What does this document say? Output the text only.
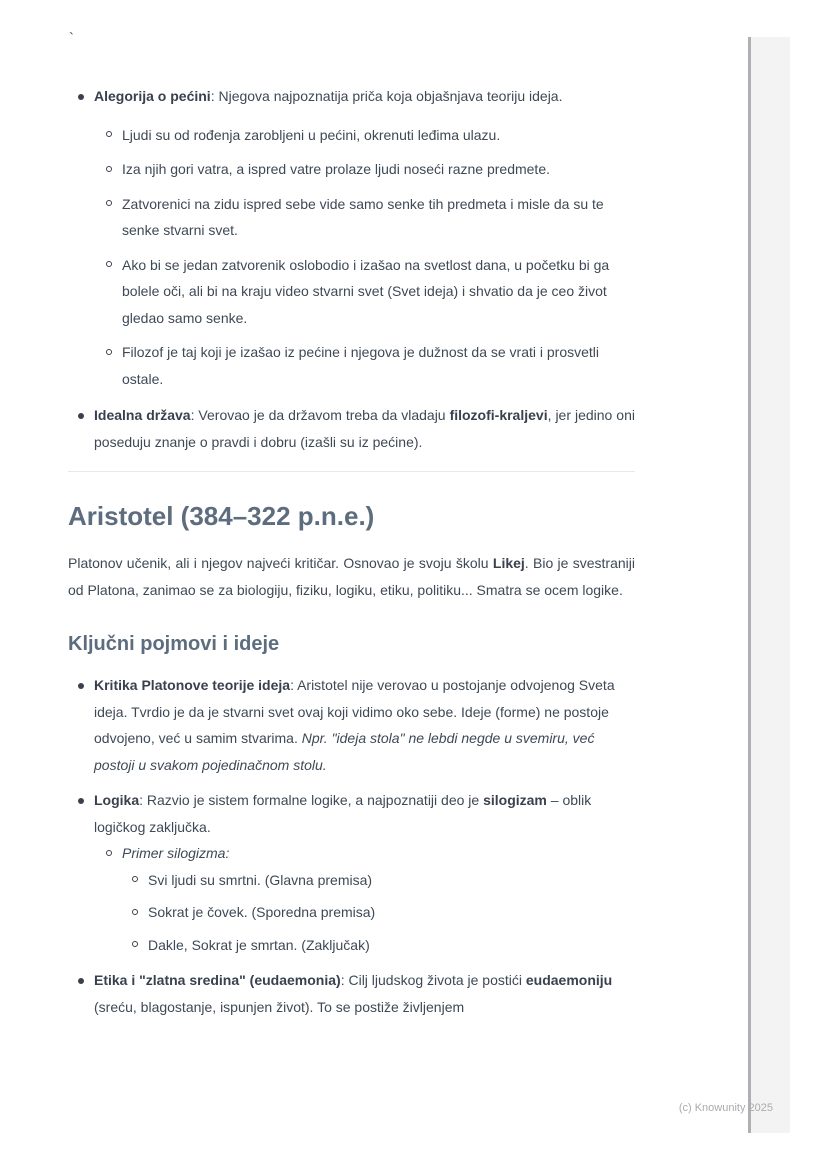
`
Alegorija o pećini: Njegova najpoznatija priča koja objašnjava teoriju ideja.
Ljudi su od rođenja zarobljeni u pećini, okrenuti leđima ulazu.
Iza njih gori vatra, a ispred vatre prolaze ljudi noseći razne predmete.
Zatvorenici na zidu ispred sebe vide samo senke tih predmeta i misle da su te senke stvarni svet.
Ako bi se jedan zatvorenik oslobodio i izašao na svetlost dana, u početku bi ga bolele oči, ali bi na kraju video stvarni svet (Svet ideja) i shvatio da je ceo život gledao samo senke.
Filozof je taj koji je izašao iz pećine i njegova je dužnost da se vrati i prosvetli ostale.
Idealna država: Verovao je da državom treba da vladaju filozofi-kraljevi, jer jedino oni poseduju znanje o pravdi i dobru (izašli su iz pećine).
Aristotel (384–322 p.n.e.)

Platonov učenik, ali i njegov najveći kritičar. Osnovao je svoju školu Likej. Bio je svestraniji od Platona, zanimao se za biologiju, fiziku, logiku, etiku, politiku... Smatra se ocem logike.

Ključni pojmovi i ideje
Kritika Platonove teorije ideja: Aristotel nije verovao u postojanje odvojenog Sveta ideja. Tvrdio je da je stvarni svet ovaj koji vidimo oko sebe. Ideje (forme) ne postoje odvojeno, već u samim stvarima. Npr. "ideja stola" ne lebdi negde u svemiru, već postoji u svakom pojedinačnom stolu.
Logika: Razvio je sistem formalne logike, a najpoznatiji deo je silogizam – oblik logičkog zaključka.
Primer silogizma:
Svi ljudi su smrtni. (Glavna premisa)
Sokrat je čovek. (Sporedna premisa)
Dakle, Sokrat je smrtan. (Zaključak)
Etika i "zlatna sredina" (eudaemonia): Cilj ljudskog života je postići eudaemoniju (sreću, blagostanje, ispunjen život). To se postiže življenjem
(c) Knowunity 2025
